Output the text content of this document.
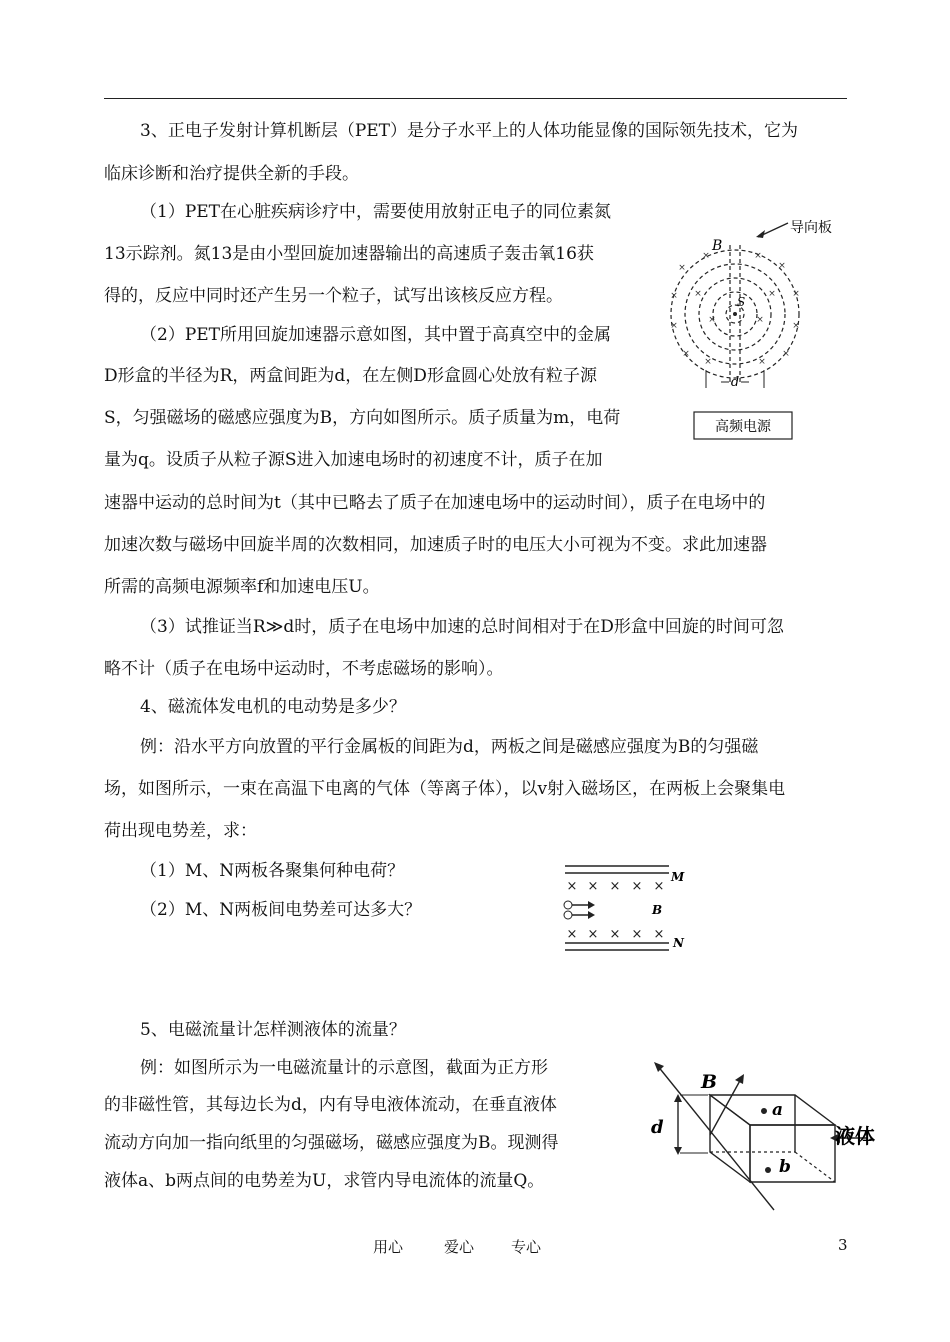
3、正电子发射计算机断层（PET）是分子水平上的人体功能显像的国际领先技术，它为
临床诊断和治疗提供全新的手段。
（1）PET在心脏疾病诊疗中，需要使用放射正电子的同位素氮
13示踪剂。氮13是由小型回旋加速器输出的高速质子轰击氧16获
得的，反应中同时还产生另一个粒子，试写出该核反应方程。
（2）PET所用回旋加速器示意如图，其中置于高真空中的金属
D形盒的半径为R，两盒间距为d，在左侧D形盒圆心处放有粒子源
S，匀强磁场的磁感应强度为B，方向如图所示。质子质量为m，电荷
量为q。设质子从粒子源S进入加速电场时的初速度不计，质子在加
速器中运动的总时间为t（其中已略去了质子在加速电场中的运动时间），质子在电场中的
加速次数与磁场中回旋半周的次数相同，加速质子时的电压大小可视为不变。求此加速器
所需的高频电源频率f和加速电压U。
（3）试推证当R≫d时，质子在电场中加速的总时间相对于在D形盒中回旋的时间可忽
略不计（质子在电场中运动时，不考虑磁场的影响）。
×
×	×
×
× ×	× ×
×
×	×
×
×
×	×
×
导向板
B
S
d
高频电源
4、磁流体发电机的电动势是多少？
例：沿水平方向放置的平行金属板的间距为d，两板之间是磁感应强度为B的匀强磁
场，如图所示，一束在高温下电离的气体（等离子体），以v射入磁场区，在两板上会聚集电
荷出现电势差，求：
（1）M、N两板各聚集何种电荷？
（2）M、N两板间电势差可达多大？
× × × × ×
× × × × ×
M
B
N
5、电磁流量计怎样测液体的流量？
例：如图所示为一电磁流量计的示意图，截面为正方形
的非磁性管，其每边长为d，内有导电液体流动，在垂直液体
流动方向加一指向纸里的匀强磁场，磁感应强度为B。现测得
液体a、b两点间的电势差为U，求管内导电流体的流量Q。
d
B
a
b
液体
用心	爱心 专心	3
